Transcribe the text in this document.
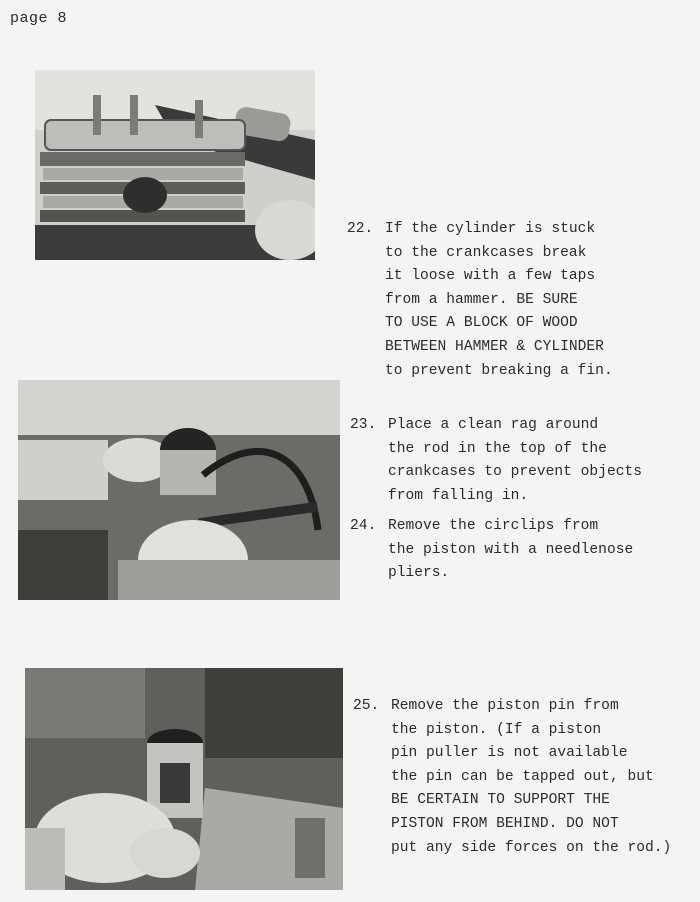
page 8
22. If the cylinder is stuck
to the crankcases break
it loose with a few taps
from a hammer. BE SURE
TO USE A BLOCK OF WOOD
BETWEEN HAMMER & CYLINDER
to prevent breaking a fin.
23. Place a clean rag around
the rod in the top of the
crankcases to prevent objects
from falling in.
24. Remove the circlips from
the piston with a needlenose
pliers.
25. Remove the piston pin from
the piston. (If a piston
pin puller is not available
the pin can be tapped out, but
BE CERTAIN TO SUPPORT THE
PISTON FROM BEHIND. DO NOT
put any side forces on the rod.)
